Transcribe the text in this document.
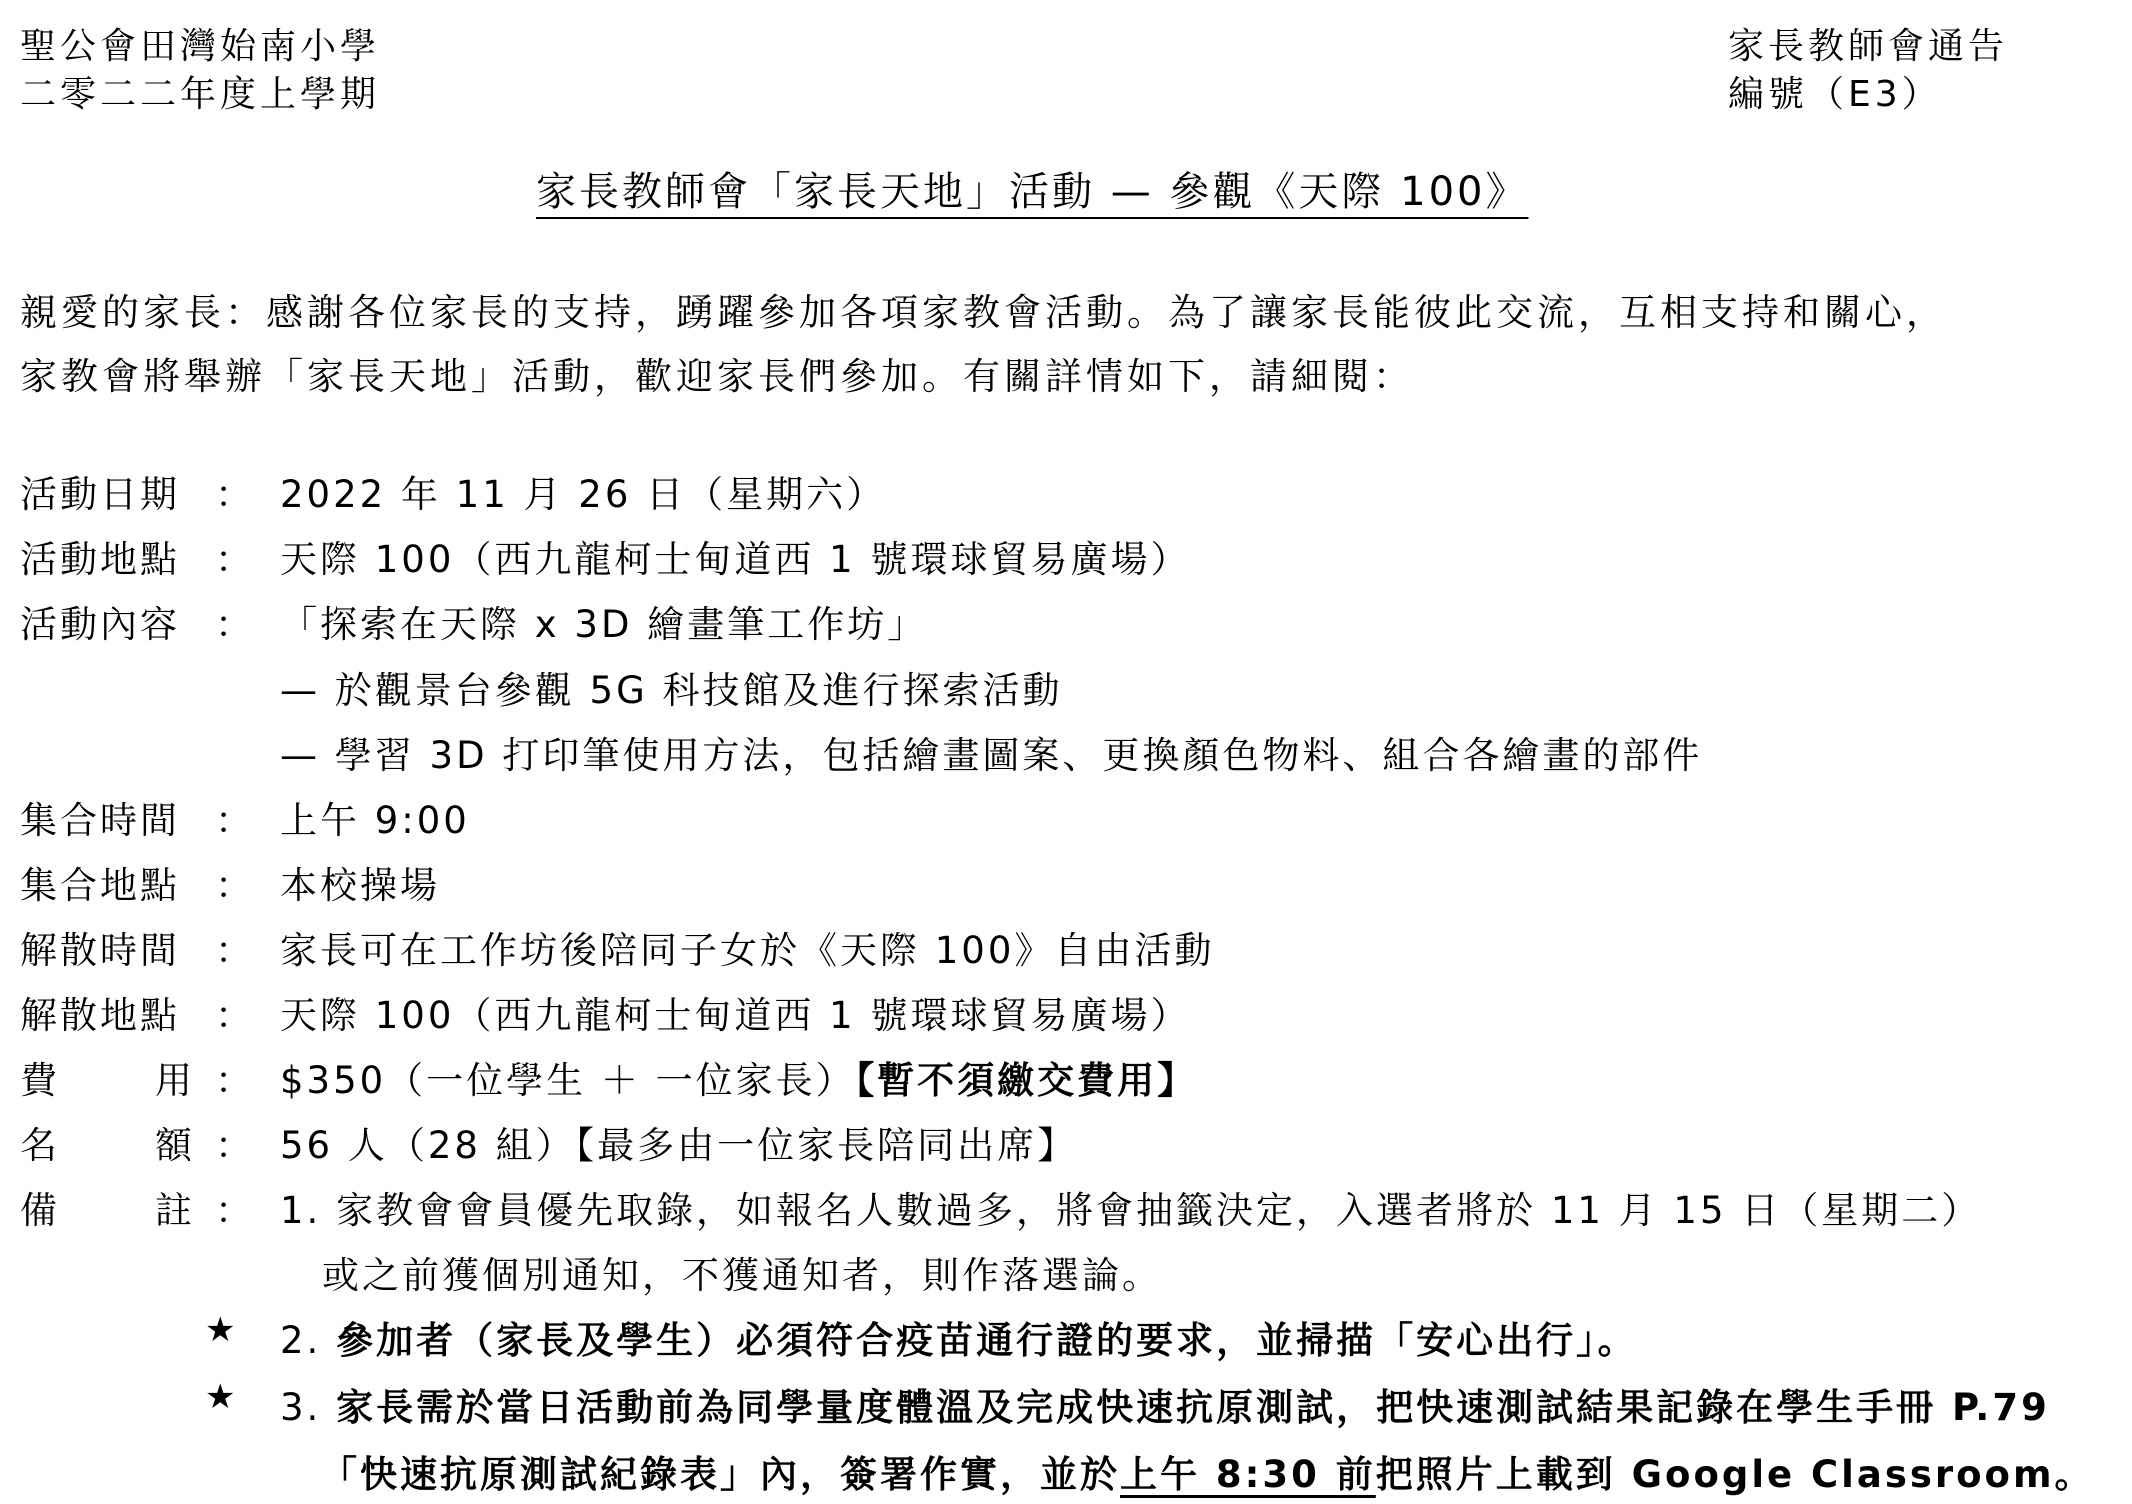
聖公會田灣始南小學
二零二二年度上學期
家長教師會通告
編號（E3）
家長教師會「家長天地」活動 — 參觀《天際 100》
親愛的家長：感謝各位家長的支持，踴躍參加各項家教會活動。為了讓家長能彼此交流，互相支持和關心，
家教會將舉辦「家長天地」活動，歡迎家長們參加。有關詳情如下，請細閱：
活動日期 ： 2022 年 11 月 26 日（星期六）
活動地點 ： 天際 100（西九龍柯士甸道西 1 號環球貿易廣場）
活動內容 ： 「探索在天際 x 3D 繪畫筆工作坊」
— 於觀景台參觀 5G 科技館及進行探索活動
— 學習 3D 打印筆使用方法，包括繪畫圖案、更換顏色物料、組合各繪畫的部件
集合時間 ： 上午 9:00
集合地點 ： 本校操場
解散時間 ： 家長可在工作坊後陪同子女於《天際 100》自由活動
解散地點 ： 天際 100（西九龍柯士甸道西 1 號環球貿易廣場）
費	用 ： $350（一位學生 ＋ 一位家長）【暫不須繳交費用】
名	額 ： 56 人（28 組）【最多由一位家長陪同出席】
備	註 ： 1. 家教會會員優先取錄，如報名人數過多，將會抽籤決定，入選者將於 11 月 15 日（星期二）
或之前獲個別通知，不獲通知者，則作落選論。
★ 2. 參加者（家長及學生）必須符合疫苗通行證的要求，並掃描「安心出行」。
★ 3. 家長需於當日活動前為同學量度體溫及完成快速抗原測試，把快速測試結果記錄在學生手冊 P.79
「快速抗原測試紀錄表」內，簽署作實，並於上午 8:30 前把照片上載到 Google Classroom。
